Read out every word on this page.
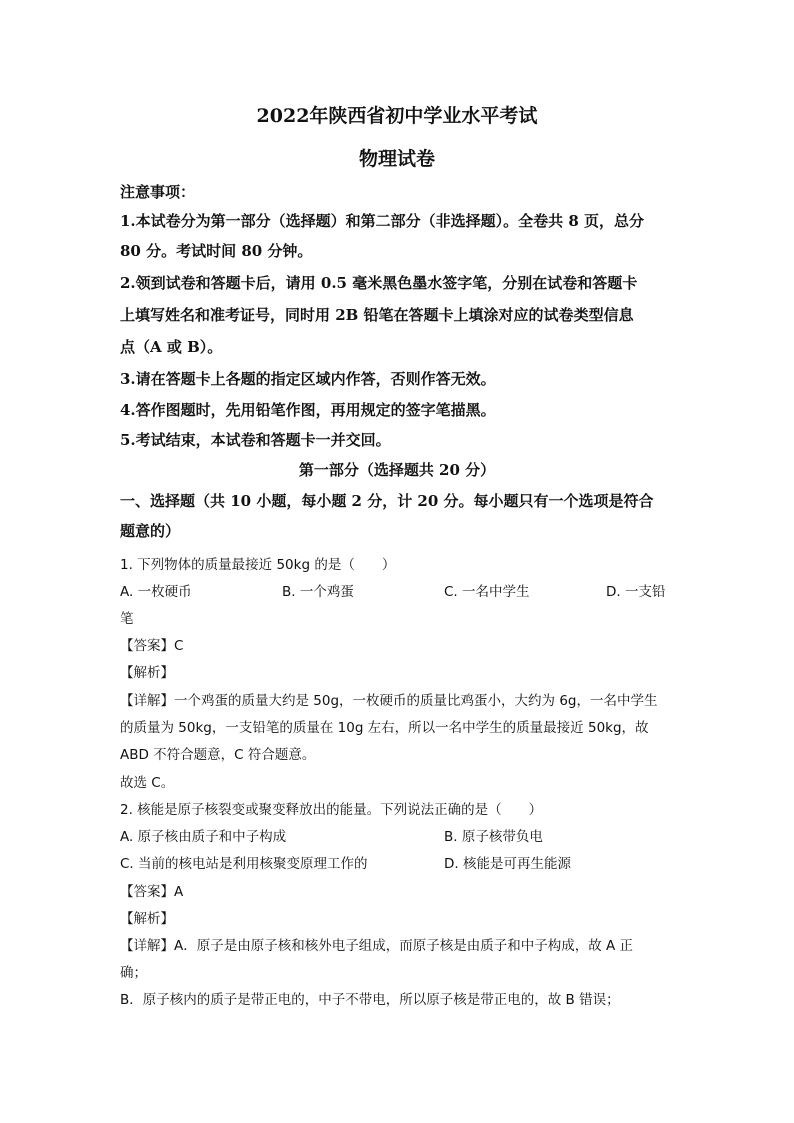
2022年陕西省初中学业水平考试
物理试卷
注意事项：
1.本试卷分为第一部分（选择题）和第二部分（非选择题）。全卷共 8 页，总分
80 分。考试时间 80 分钟。
2.领到试卷和答题卡后，请用 0.5 毫米黑色墨水签字笔，分别在试卷和答题卡
上填写姓名和准考证号，同时用 2B 铅笔在答题卡上填涂对应的试卷类型信息
点（A 或 B）。
3.请在答题卡上各题的指定区域内作答，否则作答无效。
4.答作图题时，先用铅笔作图，再用规定的签字笔描黑。
5.考试结束，本试卷和答题卡一并交回。
第一部分（选择题共 20 分）
一、选择题（共 10 小题，每小题 2 分，计 20 分。每小题只有一个选项是符合
题意的）
1. 下列物体的质量最接近 50kg 的是（　　）
A. 一枚硬币	B. 一个鸡蛋	C. 一名中学生	D. 一支铅
笔
【答案】C
【解析】
【详解】一个鸡蛋的质量大约是 50g，一枚硬币的质量比鸡蛋小，大约为 6g，一名中学生
的质量为 50kg，一支铅笔的质量在 10g 左右，所以一名中学生的质量最接近 50kg，故
ABD 不符合题意，C 符合题意。
故选 C。
2. 核能是原子核裂变或聚变释放出的能量。下列说法正确的是（　　）
A. 原子核由质子和中子构成	B. 原子核带负电
C. 当前的核电站是利用核聚变原理工作的	D. 核能是可再生能源
【答案】A
【解析】
【详解】A．原子是由原子核和核外电子组成，而原子核是由质子和中子构成，故 A 正
确；
B．原子核内的质子是带正电的，中子不带电，所以原子核是带正电的，故 B 错误；
